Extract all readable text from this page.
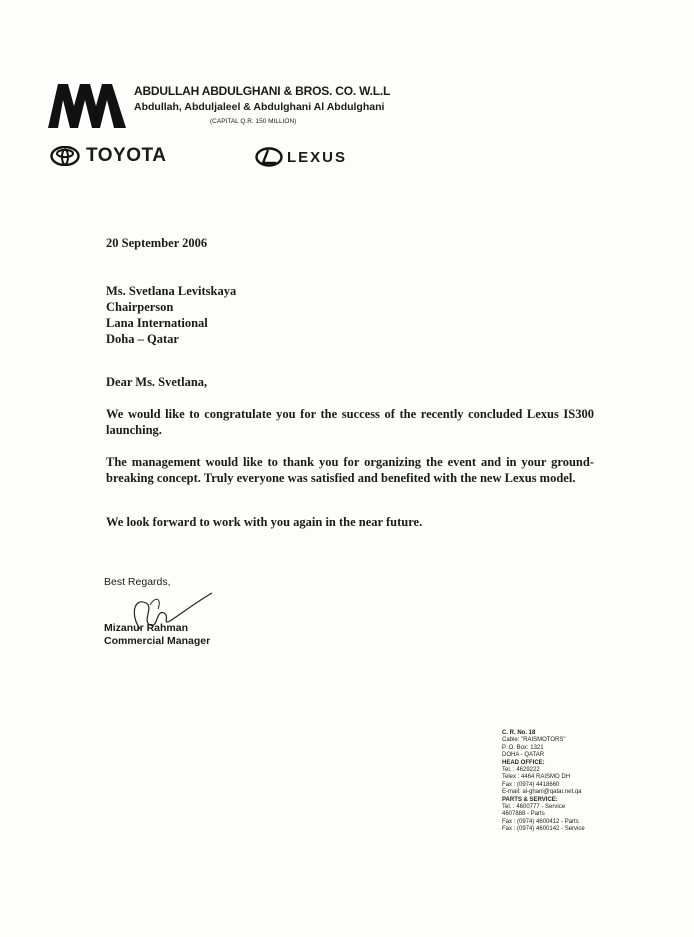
ABDULLAH ABDULGHANI & BROS. CO. W.L.L
Abdullah, Abduljaleel & Abdulghani Al Abdulghani
(CAPITAL Q.R. 150 MILLION)
TOYOTA	LEXUS
20 September 2006
Ms. Svetlana Levitskaya
Chairperson
Lana International
Doha – Qatar
Dear Ms. Svetlana,
We would like to congratulate you for the success of the recently concluded Lexus IS300 launching.
The management would like to thank you for organizing the event and in your ground-breaking concept. Truly everyone was satisfied and benefited with the new Lexus model.
We look forward to work with you again in the near future.
Best Regards,
Mizanur Rahman
Commercial Manager
C. R. No. 18
Cable: "RAISMOTORS"
P. O. Box: 1321
DOHA - QATAR
HEAD OFFICE:
Tel. : 4629222
Telex : 4464 RAISMO DH
Fax : (0974) 4418660
E-mail: al-ghani@qatar.net.qa
PARTS & SERVICE:
Tel. : 4600777 - Service
4607888 - Parts
Fax : (0974) 4600412 - Parts
Fax : (0974) 4600142 - Service
